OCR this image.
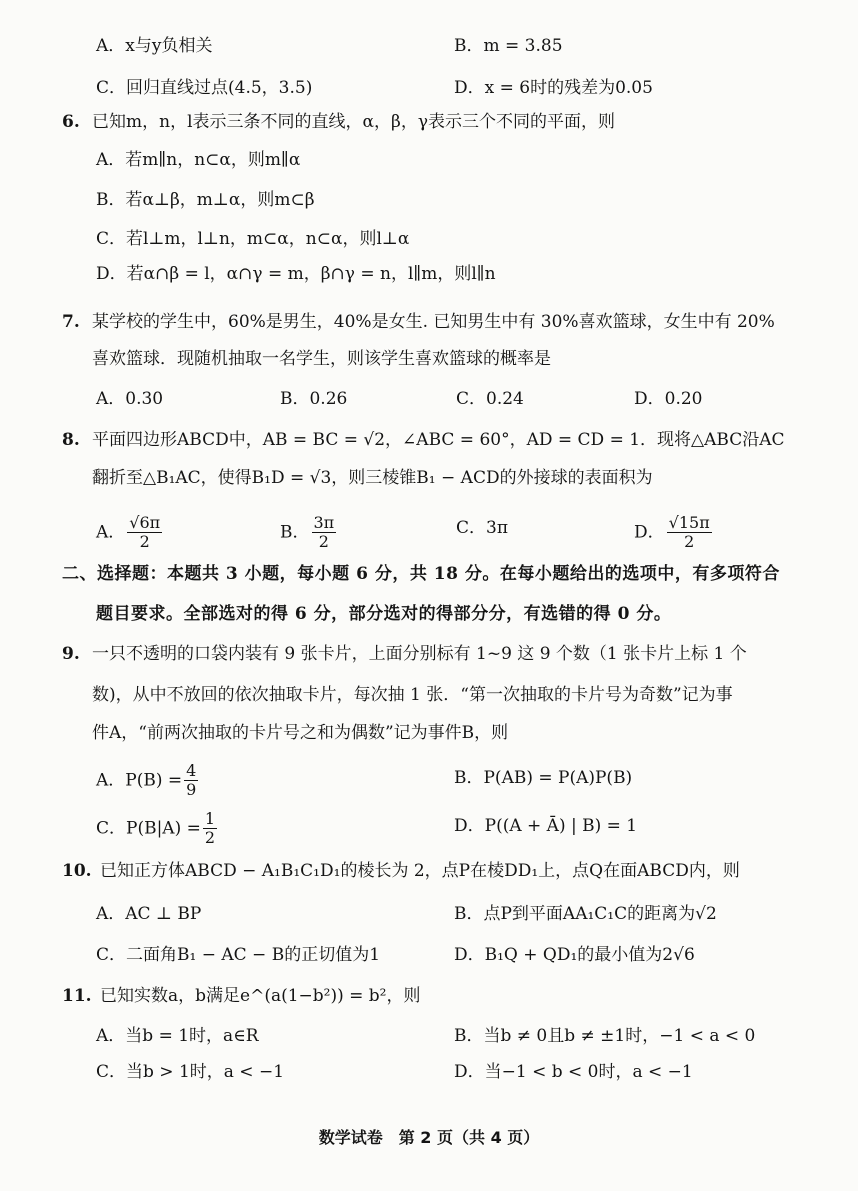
A．x与y负相关	B．m = 3.85
C．回归直线过点(4.5，3.5)	D．x = 6时的残差为0.05
6. 已知m，n，l表示三条不同的直线，α，β，γ表示三个不同的平面，则
A．若m∥n，n⊂α，则m∥α
B．若α⊥β，m⊥α，则m⊂β
C．若l⊥m，l⊥n，m⊂α，n⊂α，则l⊥α
D．若α∩β = l，α∩γ = m，β∩γ = n，l∥m，则l∥n
7. 某学校的学生中，60%是男生，40%是女生. 已知男生中有 30%喜欢篮球，女生中有 20%
喜欢篮球．现随机抽取一名学生，则该学生喜欢篮球的概率是
A．0.30	B．0.26	C．0.24	D．0.20
8. 平面四边形ABCD中，AB = BC = √2，∠ABC = 60°，AD = CD = 1．现将△ABC沿AC
翻折至△B₁AC，使得B₁D = √3，则三棱锥B₁ − ACD的外接球的表面积为
A． $\frac{√6\pi}{2}$	B． $\frac{3\pi}{2}$	C．3π	D． $\frac{√15\pi}{2}$
二、选择题：本题共 3 小题，每小题 6 分，共 18 分。在每小题给出的选项中，有多项符合
题目要求。全部选对的得 6 分，部分选对的得部分分，有选错的得 0 分。
9. 一只不透明的口袋内装有 9 张卡片，上面分别标有 1~9 这 9 个数（1 张卡片上标 1 个
数)，从中不放回的依次抽取卡片，每次抽 1 张．“第一次抽取的卡片号为奇数”记为事
件A，“前两次抽取的卡片号之和为偶数”记为事件B，则
A．$P(B) = \frac{4}{9}$	B．P(AB) = P(A)P(B)
C．$P(B|A) = \frac{1}{2}$	D．P((A + Ā) | B) = 1
10. 已知正方体ABCD − A₁B₁C₁D₁的棱长为 2，点P在棱DD₁上，点Q在面ABCD内，则
A．AC ⊥ BP	B．点P到平面AA₁C₁C的距离为√2
C．二面角B₁ − AC − B的正切值为1	D．B₁Q + QD₁的最小值为2√6
11. 已知实数a，b满足e^(a(1−b²)) = b²，则
A．当b = 1时，a∈R	B．当b ≠ 0且b ≠ ±1时，−1 < a < 0
C．当b > 1时，a < −1	D．当−1 < b < 0时，a < −1
数学试卷　第 2 页（共 4 页）
